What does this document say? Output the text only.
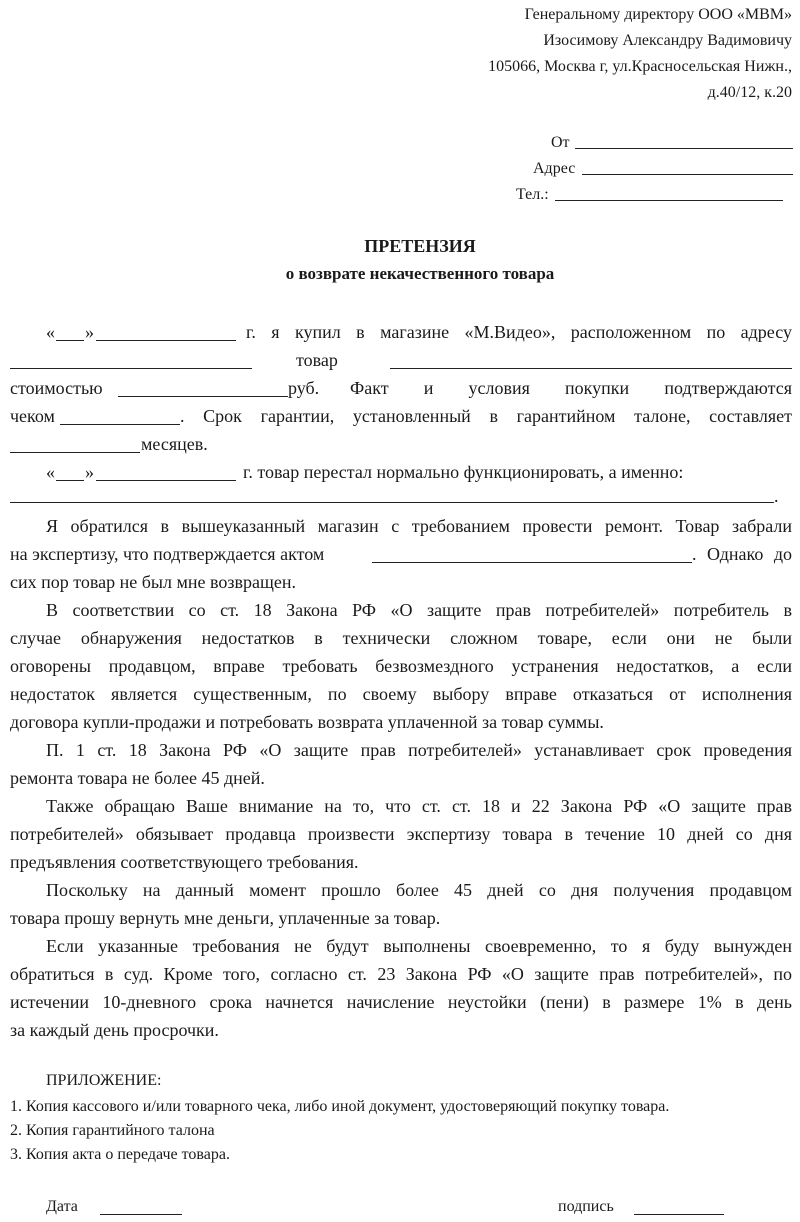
Генеральному директору ООО «МВМ»
Изосимову Александру Вадимовичу
105066, Москва г, ул.Красносельская Нижн.,
д.40/12, к.20
От
Адрес
Тел.:
ПРЕТЕНЗИЯ
о возврате некачественного товара
« »	г. я купил в магазине «М.Видео», расположенном по адресу
товар
стоимостью	руб. Факт и условия покупки подтверждаются
чеком	. Срок гарантии, установленный в гарантийном талоне, составляет
месяцев.
« »	г. товар перестал нормально функционировать, а именно:
.
Я обратился в вышеуказанный магазин с требованием провести ремонт. Товар забрали
на экспертизу, что подтверждается актом	. Однако до
сих пор товар не был мне возвращен.
В соответствии со ст. 18 Закона РФ «О защите прав потребителей» потребитель в
случае обнаружения недостатков в технически сложном товаре, если они не были
оговорены продавцом, вправе требовать безвозмездного устранения недостатков, а если
недостаток является существенным, по своему выбору вправе отказаться от исполнения
договора купли-продажи и потребовать возврата уплаченной за товар суммы.
П. 1 ст. 18 Закона РФ «О защите прав потребителей» устанавливает срок проведения
ремонта товара не более 45 дней.
Также обращаю Ваше внимание на то, что ст. ст. 18 и 22 Закона РФ «О защите прав
потребителей» обязывает продавца произвести экспертизу товара в течение 10 дней со дня
предъявления соответствующего требования.
Поскольку на данный момент прошло более 45 дней со дня получения продавцом
товара прошу вернуть мне деньги, уплаченные за товар.
Если указанные требования не будут выполнены своевременно, то я буду вынужден
обратиться в суд. Кроме того, согласно ст. 23 Закона РФ «О защите прав потребителей», по
истечении 10-дневного срока начнется начисление неустойки (пени) в размере 1% в день
за каждый день просрочки.
ПРИЛОЖЕНИЕ:
1. Копия кассового и/или товарного чека, либо иной документ, удостоверяющий покупку товара.
2. Копия гарантийного талона
3. Копия акта о передаче товара.
Дата	подпись
